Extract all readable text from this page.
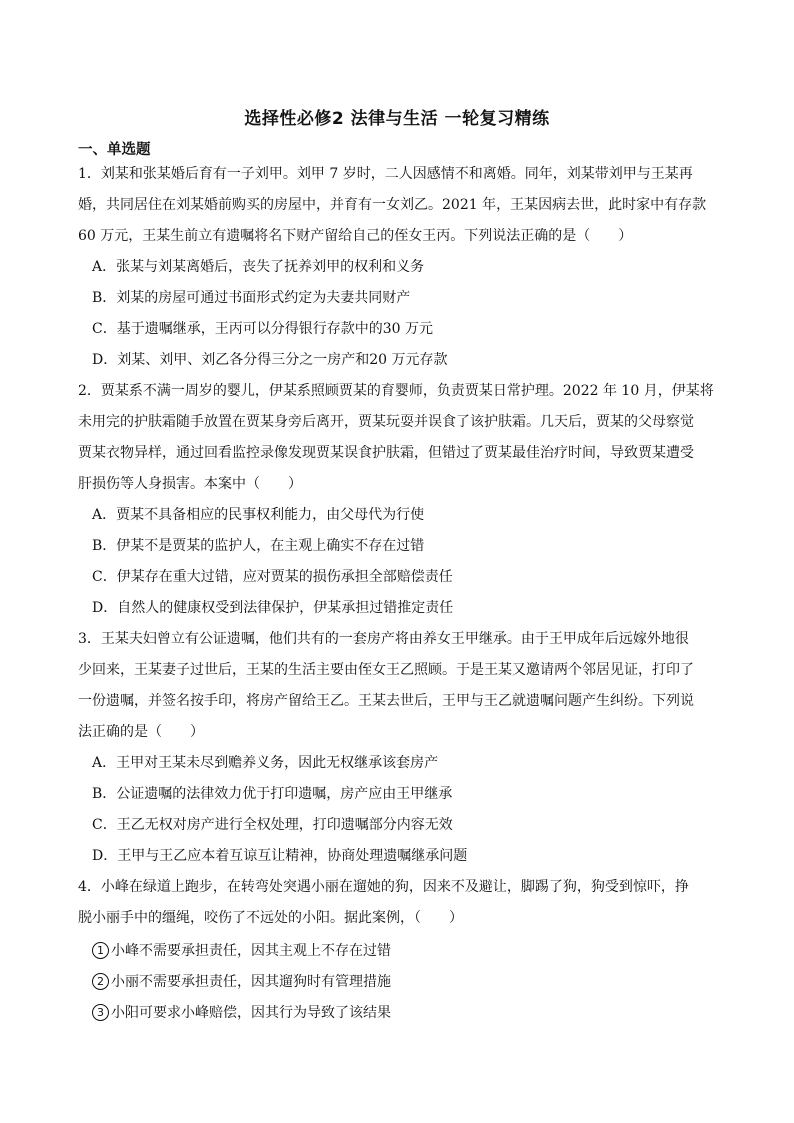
选择性必修2 法律与生活 一轮复习精练
一、单选题
1．刘某和张某婚后育有一子刘甲。刘甲 7 岁时，二人因感情不和离婚。同年，刘某带刘甲与王某再
婚，共同居住在刘某婚前购买的房屋中，并育有一女刘乙。2021 年，王某因病去世，此时家中有存款
60 万元，王某生前立有遗嘱将名下财产留给自己的侄女王丙。下列说法正确的是（　　）
A．张某与刘某离婚后，丧失了抚养刘甲的权利和义务
B．刘某的房屋可通过书面形式约定为夫妻共同财产
C．基于遗嘱继承，王丙可以分得银行存款中的30 万元
D．刘某、刘甲、刘乙各分得三分之一房产和20 万元存款
2．贾某系不满一周岁的婴儿，伊某系照顾贾某的育婴师，负责贾某日常护理。2022 年 10 月，伊某将
未用完的护肤霜随手放置在贾某身旁后离开，贾某玩耍并误食了该护肤霜。几天后，贾某的父母察觉
贾某衣物异样，通过回看监控录像发现贾某误食护肤霜，但错过了贾某最佳治疗时间，导致贾某遭受
肝损伤等人身损害。本案中（　　）
A．贾某不具备相应的民事权利能力，由父母代为行使
B．伊某不是贾某的监护人，在主观上确实不存在过错
C．伊某存在重大过错，应对贾某的损伤承担全部赔偿责任
D．自然人的健康权受到法律保护，伊某承担过错推定责任
3．王某夫妇曾立有公证遗嘱，他们共有的一套房产将由养女王甲继承。由于王甲成年后远嫁外地很
少回来，王某妻子过世后，王某的生活主要由侄女王乙照顾。于是王某又邀请两个邻居见证，打印了
一份遗嘱，并签名按手印，将房产留给王乙。王某去世后，王甲与王乙就遗嘱问题产生纠纷。下列说
法正确的是（　　）
A．王甲对王某未尽到赡养义务，因此无权继承该套房产
B．公证遗嘱的法律效力优于打印遗嘱，房产应由王甲继承
C．王乙无权对房产进行全权处理，打印遗嘱部分内容无效
D．王甲与王乙应本着互谅互让精神，协商处理遗嘱继承问题
4．小峰在绿道上跑步，在转弯处突遇小丽在遛她的狗，因来不及避让，脚踢了狗，狗受到惊吓，挣
脱小丽手中的缰绳，咬伤了不远处的小阳。据此案例，（　　）
1 小峰不需要承担责任，因其主观上不存在过错
2 小丽不需要承担责任，因其遛狗时有管理措施
3 小阳可要求小峰赔偿，因其行为导致了该结果
